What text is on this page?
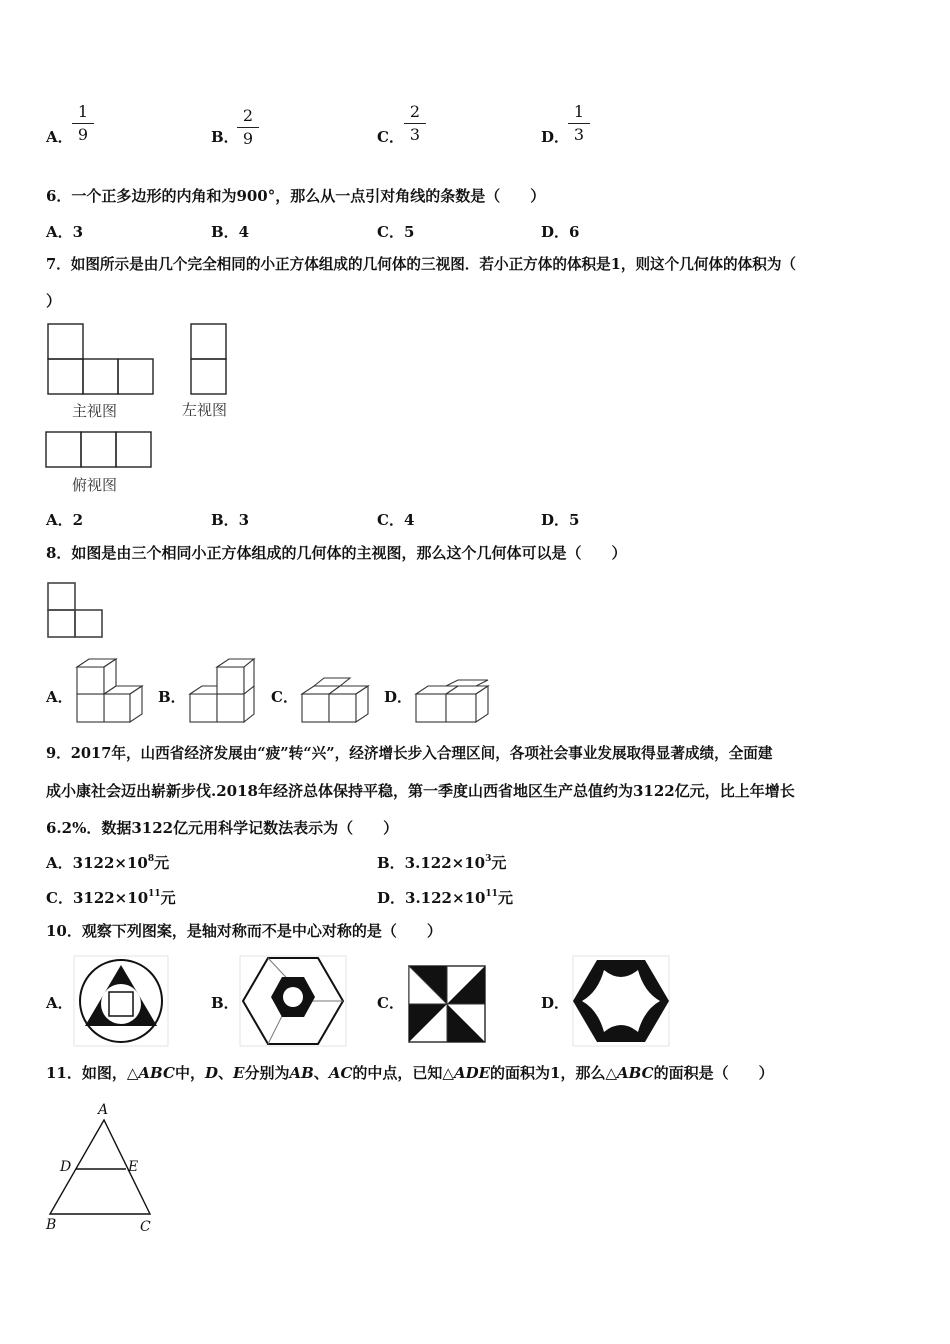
A．
1
9	B．
2
9	C．
2
3	D．
1
3
6．一个正多边形的内角和为900°，那么从一点引对角线的条数是（　　）
A．3	B．4	C．5	D．6
7．如图所示是由几个完全相同的小正方体组成的几何体的三视图．若小正方体的体积是1，则这个几何体的体积为（
）
主视图	左视图
俯视图
A．2	B．3	C．4	D．5
8．如图是由三个相同小正方体组成的几何体的主视图，那么这个几何体可以是（　　）
A．	B．	C．	D．
9．2017年，山西省经济发展由“疲”转“兴”，经济增长步入合理区间，各项社会事业发展取得显著成绩，全面建
成小康社会迈出崭新步伐.2018年经济总体保持平稳，第一季度山西省地区生产总值约为3122亿元，比上年增长
6.2%．数据3122亿元用科学记数法表示为（　　）
A．$3122\times 10^8$元	B．$3.122\times 10^3$元
C．$3122\times 10^{11}$元	D．$3.122\times 10^{11}$元
10．观察下列图案，是轴对称而不是中心对称的是（　　）
A．	B．	C．	D．
11．如图，△ABC中，D、E分别为AB、AC的中点，已知△ADE的面积为1，那么△ABC的面积是（　　）
A
D	E
B	C
